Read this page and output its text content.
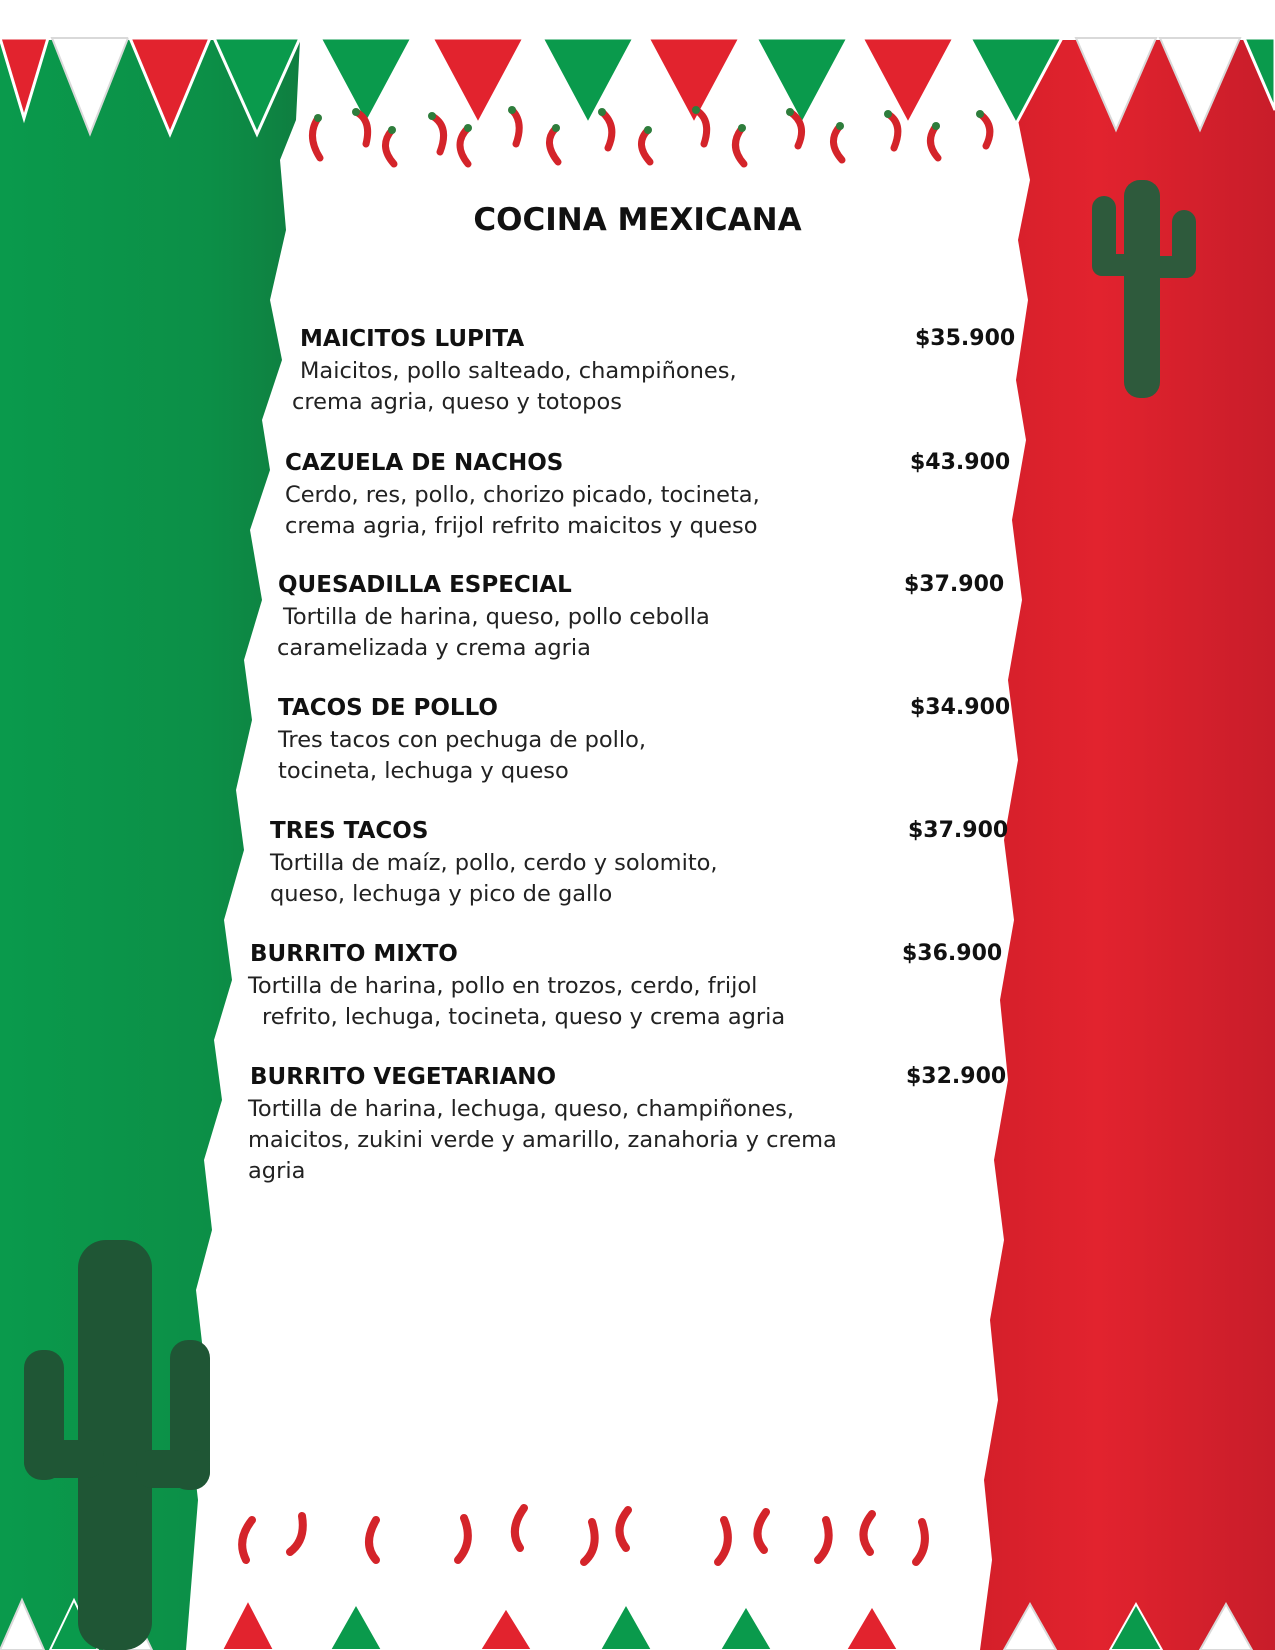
COCINA MEXICANA
MAICITOS LUPITA	$35.900
Maicitos, pollo salteado, champiñones,
crema agria, queso y totopos
CAZUELA DE NACHOS	$43.900
Cerdo, res, pollo, chorizo picado, tocineta,
crema agria, frijol refrito maicitos y queso
QUESADILLA ESPECIAL	$37.900
Tortilla de harina, queso, pollo cebolla
caramelizada y crema agria
TACOS DE POLLO	$34.900
Tres tacos con pechuga de pollo,
tocineta, lechuga y queso
TRES TACOS	$37.900
Tortilla de maíz, pollo, cerdo y solomito,
queso, lechuga y pico de gallo
BURRITO MIXTO	$36.900
Tortilla de harina, pollo en trozos, cerdo, frijol
refrito, lechuga, tocineta, queso y crema agria
BURRITO VEGETARIANO	$32.900
Tortilla de harina, lechuga, queso, champiñones,
maicitos, zukini verde y amarillo, zanahoria y crema
agria
